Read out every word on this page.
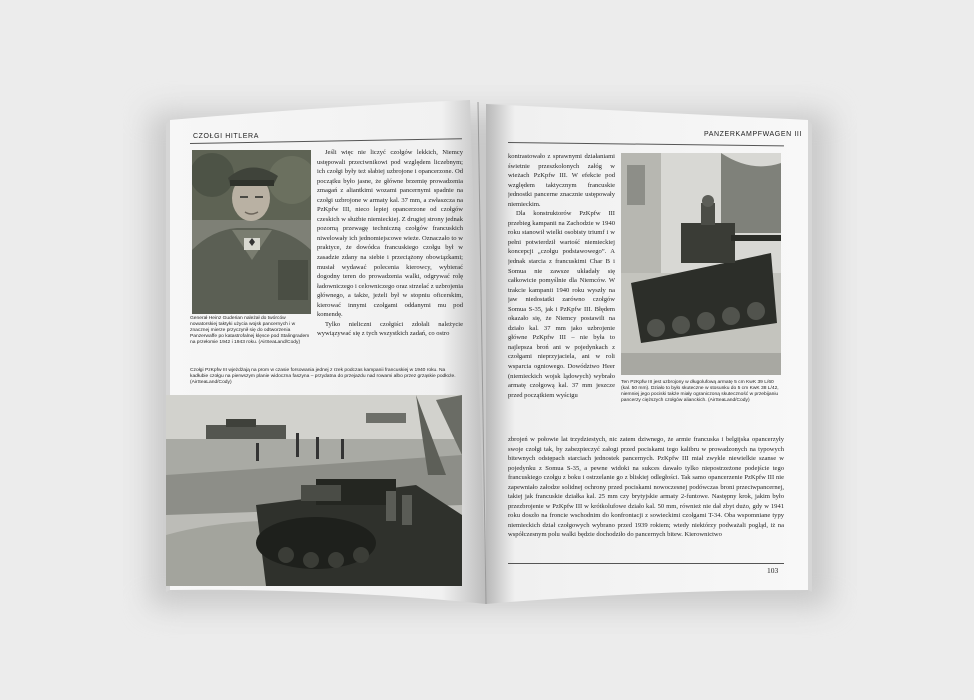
CZOŁGI HITLERA
Generał Heinz Guderian należał do twórców nowatorskiej taktyki użycia wojsk pancernych i w znacznej mierze przyczynił się do odtworzenia Panzerwaffe po katastrofalnej klęsce pod Stalingradem na przełomie 1942 i 1943 roku. (AirSeaLand/Cody)

Jeśli więc nie liczyć czołgów lekkich, Niemcy ustępowali przeciwnikowi pod względem liczebnym; ich czołgi były też słabiej uzbrojone i opancerzone. Od początku było jasne, że główne brzemię prowadzenia zmagań z aliantkimi wozami pancernymi spadnie na czołgi uzbrojone w armaty kal. 37 mm, a zwłaszcza na PzKpfw III, nieco lepiej opancerzone od czołgów czeskich w służbie niemieckiej. Z drugiej strony jednak pozorną przewagę techniczną czołgów francuskich niwelowały ich jednomiejscowe wieże. Oznaczało to w praktyce, że dowódca francuskiego czołgu był w zasadzie zdany na siebie i przeciążony obowiązkami; musiał wydawać polecenia kierowcy, wybierać dogodny teren do prowadzenia walki, odgrywać rolę ładowniczego i celowniczego oraz strzelać z uzbrojenia głównego, a także, jeżeli był w stopniu oficerskim, kierować innymi czołgami oddanymi mu pod komendę.

Tylko nieliczni czołgiści zdołali należycie wywiązywać się z tych wszystkich zadań, co ostro

Czołgi PzKpfw III wjeżdżają na prom w czasie forsowania jednej z rzek podczas kampanii francuskiej w 1940 roku. Na kadłubie czołgu na pierwszym planie widoczna faszyna – przydatna do przejazdu nad rowami albo przez grząskie podłoże. (AirSeaLand/Cody)
PANZERKAMPFWAGEN III

kontrastowało z sprawnymi działaniami świetnie przeszkolonych załóg w wieżach PzKpfw III. W efekcie pod względem taktycznym francuskie jednostki pancerne znacznie ustępowały niemieckim.

Dla konstruktorów PzKpfw III przebieg kampanii na Zachodzie w 1940 roku stanowił wielki osobisty triumf i w pełni potwierdził wartość niemieckiej koncepcji „czołgu podstawowego”. A jednak starcia z francuskimi Char B i Somua nie zawsze układały się całkowicie pomyślnie dla Niemców. W trakcie kampanii 1940 roku wyszły na jaw niedostatki zarówno czołgów Somua S-35, jak i PzKpfw III. Błędem okazało się, że Niemcy postawili na działo kal. 37 mm jako uzbrojenie główne PzKpfw III – nie była to najlepsza broń ani w pojedynkach z czołgami nieprzyjaciela, ani w roli wsparcia ogniowego. Dowództwo Heer (niemieckich wojsk lądowych) wybrało armatę czołgową kal. 37 mm jeszcze przed początkiem wyścigu

Ten PzKpfw III jest uzbrojony w długolufową armatę 5 cm KwK 39 L/60 (kal. 50 mm). Działo to było skuteczne w stosunku do 5 cm KwK 38 L/42, niemniej jego pociski także miały ograniczoną skuteczność w przebijaniu pancerzy cięższych czołgów alianckich. (AirSeaLand/Cody)

zbrojeń w połowie lat trzydziestych, nic zatem dziwnego, że armie francuska i belgijska opancerzyły swoje czołgi tak, by zabezpieczyć załogi przed pociskami tego kalibru w prowadzonych na typowych bitewnych odstępach starciach jednostek pancernych. PzKpfw III miał zwykle niewielkie szanse w pojedynku z Somua S-35, a pewne widoki na sukces dawało tylko niepostrzeżone podejście tego francuskiego czołgu z boku i ostrzelanie go z bliskiej odległości. Tak samo opancerzenie PzKpfw III nie zapewniało załodze solidnej ochrony przed pociskami nowoczesnej podówczas broni przeciwpancernej, takiej jak francuskie działka kal. 25 mm czy brytyjskie armaty 2-funtowe. Następny krok, jakim było przezbrojenie w PzKpfw III w krótkolufowe działo kal. 50 mm, również nie dał zbyt dużo, gdy w 1941 roku doszło na froncie wschodnim do konfrontacji z sowieckimi czołgami T-34. Oba wspomniane typy niemieckich dział czołgowych wybrano przed 1939 rokiem; wtedy niektórzy podważali pogląd, iż na współczesnym polu walki będzie dochodziło do pancernych bitew. Kierownictwo

103
